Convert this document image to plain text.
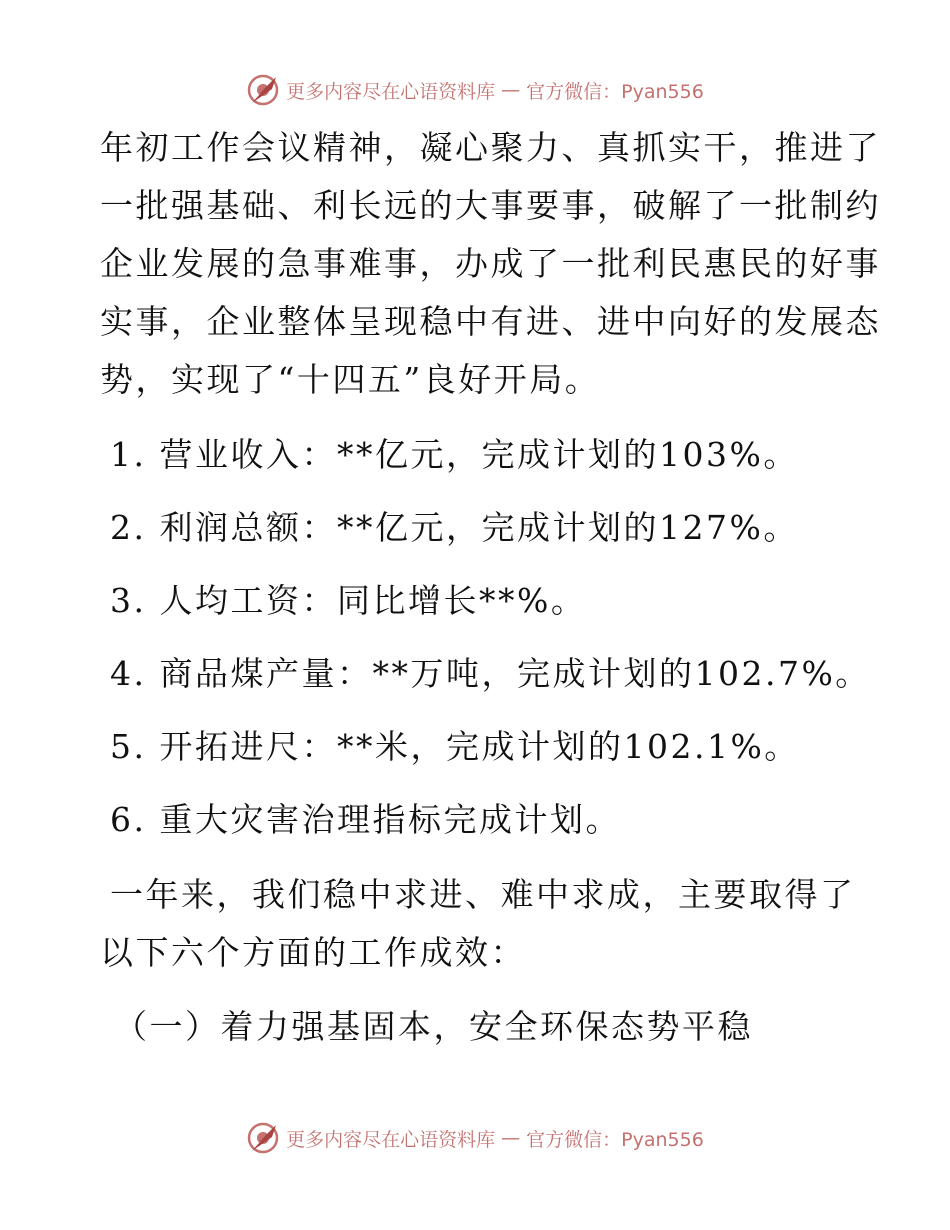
更多内容尽在心语资料库 — 官方微信：Pyan556
年初工作会议精神，凝心聚力、真抓实干，推进了
一批强基础、利长远的大事要事，破解了一批制约
企业发展的急事难事，办成了一批利民惠民的好事
实事，企业整体呈现稳中有进、进中向好的发展态
势，实现了“十四五”良好开局。
1. 营业收入：**亿元，完成计划的103%。
2. 利润总额：**亿元，完成计划的127%。
3. 人均工资：同比增长**%。
4. 商品煤产量：**万吨，完成计划的102.7%。
5. 开拓进尺：**米，完成计划的102.1%。
6. 重大灾害治理指标完成计划。
一年来，我们稳中求进、难中求成，主要取得了
以下六个方面的工作成效：
（一）着力强基固本，安全环保态势平稳
更多内容尽在心语资料库 — 官方微信：Pyan556
